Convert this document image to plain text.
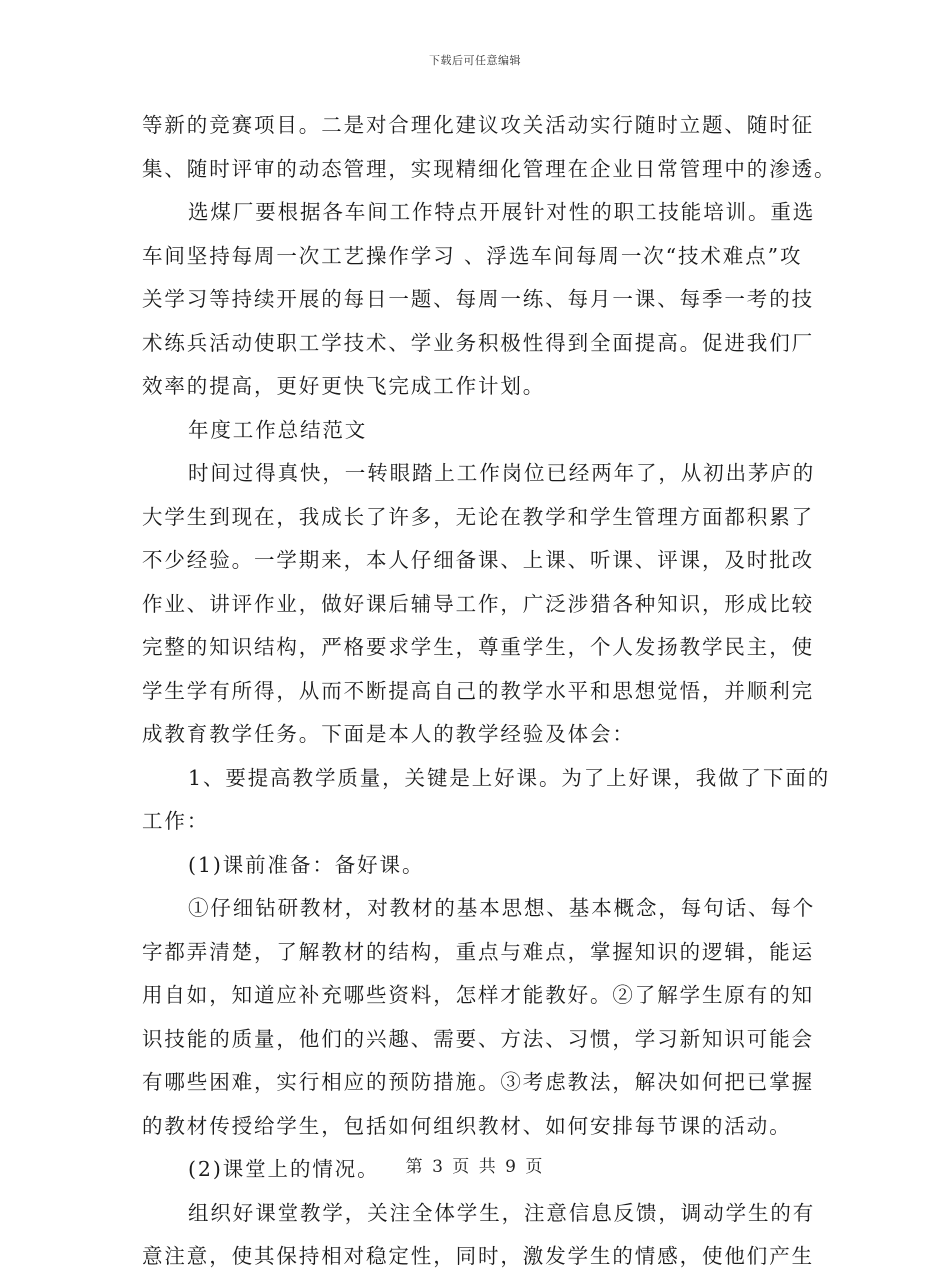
下载后可任意编辑
等新的竞赛项目。二是对合理化建议攻关活动实行随时立题、随时征
集、随时评审的动态管理，实现精细化管理在企业日常管理中的渗透。
选煤厂要根据各车间工作特点开展针对性的职工技能培训。重选
车间坚持每周一次工艺操作学习 、浮选车间每周一次“技术难点”攻
关学习等持续开展的每日一题、每周一练、每月一课、每季一考的技
术练兵活动使职工学技术、学业务积极性得到全面提高。促进我们厂
效率的提高，更好更快飞完成工作计划。
年度工作总结范文
时间过得真快，一转眼踏上工作岗位已经两年了，从初出茅庐的
大学生到现在，我成长了许多，无论在教学和学生管理方面都积累了
不少经验。一学期来，本人仔细备课、上课、听课、评课，及时批改
作业、讲评作业，做好课后辅导工作，广泛涉猎各种知识，形成比较
完整的知识结构，严格要求学生，尊重学生，个人发扬教学民主，使
学生学有所得，从而不断提高自己的教学水平和思想觉悟，并顺利完
成教育教学任务。下面是本人的教学经验及体会：
1、要提高教学质量，关键是上好课。为了上好课，我做了下面的
工作：
(1)课前准备：备好课。
①仔细钻研教材，对教材的基本思想、基本概念，每句话、每个
字都弄清楚，了解教材的结构，重点与难点，掌握知识的逻辑，能运
用自如，知道应补充哪些资料，怎样才能教好。②了解学生原有的知
识技能的质量，他们的兴趣、需要、方法、习惯，学习新知识可能会
有哪些困难，实行相应的预防措施。③考虑教法，解决如何把已掌握
的教材传授给学生，包括如何组织教材、如何安排每节课的活动。
(2)课堂上的情况。
组织好课堂教学，关注全体学生，注意信息反馈，调动学生的有
意注意，使其保持相对稳定性，同时，激发学生的情感，使他们产生
第 3 页 共 9 页
